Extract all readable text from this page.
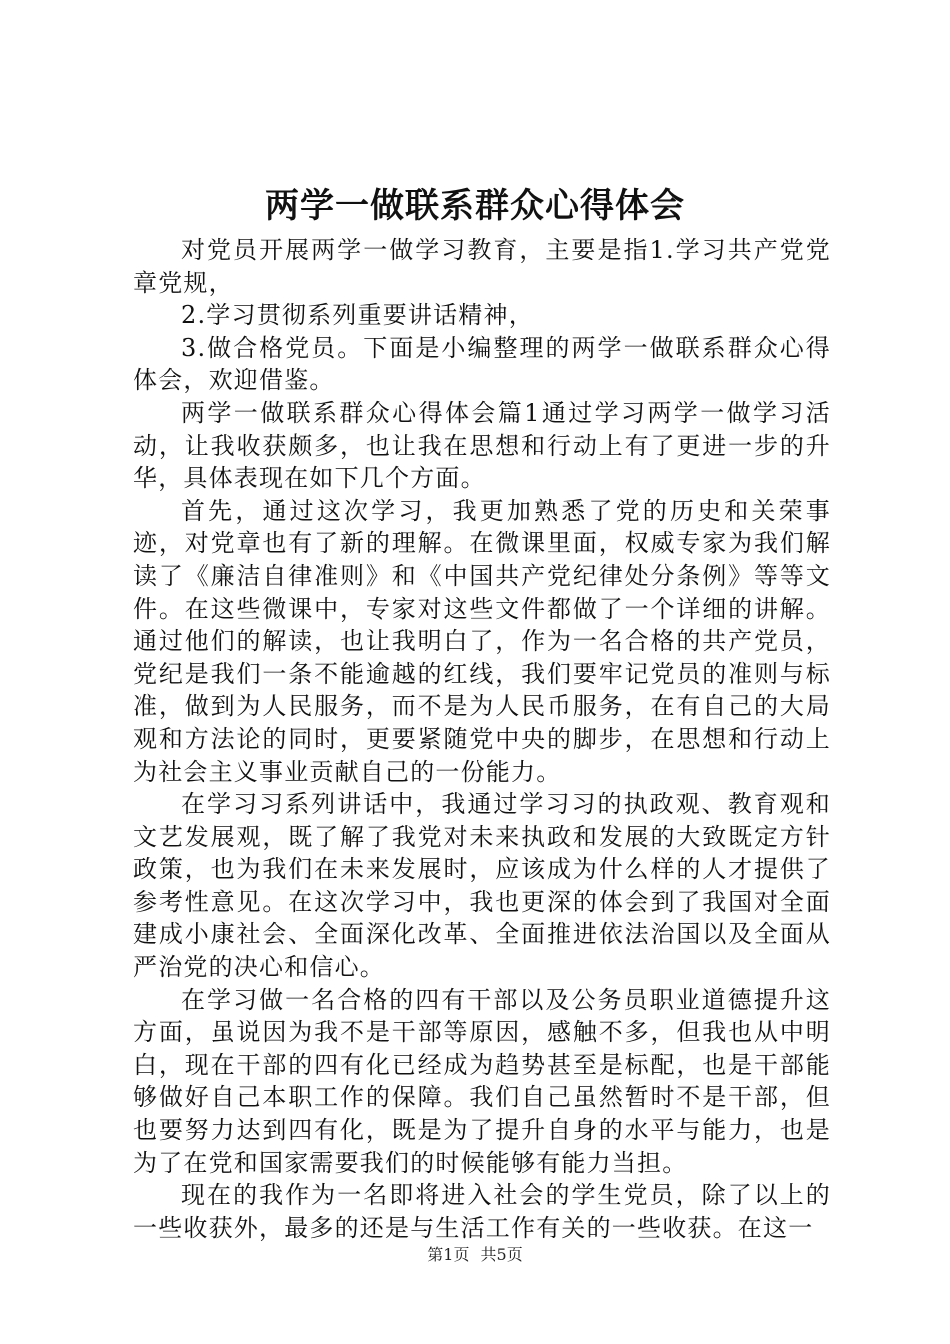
两学一做联系群众心得体会

对党员开展两学一做学习教育，主要是指1.学习共产党党章党规，

2.学习贯彻系列重要讲话精神，

3.做合格党员。下面是小编整理的两学一做联系群众心得体会，欢迎借鉴。

两学一做联系群众心得体会篇1通过学习两学一做学习活动，让我收获颇多，也让我在思想和行动上有了更进一步的升华，具体表现在如下几个方面。

首先，通过这次学习，我更加熟悉了党的历史和关荣事迹，对党章也有了新的理解。在微课里面，权威专家为我们解读了《廉洁自律准则》和《中国共产党纪律处分条例》等等文件。在这些微课中，专家对这些文件都做了一个详细的讲解。通过他们的解读，也让我明白了，作为一名合格的共产党员，党纪是我们一条不能逾越的红线，我们要牢记党员的准则与标准，做到为人民服务，而不是为人民币服务，在有自己的大局观和方法论的同时，更要紧随党中央的脚步，在思想和行动上为社会主义事业贡献自己的一份能力。

在学习习系列讲话中，我通过学习习的执政观、教育观和文艺发展观，既了解了我党对未来执政和发展的大致既定方针政策，也为我们在未来发展时，应该成为什么样的人才提供了参考性意见。在这次学习中，我也更深的体会到了我国对全面建成小康社会、全面深化改革、全面推进依法治国以及全面从严治党的决心和信心。

在学习做一名合格的四有干部以及公务员职业道德提升这方面，虽说因为我不是干部等原因，感触不多，但我也从中明白，现在干部的四有化已经成为趋势甚至是标配，也是干部能够做好自己本职工作的保障。我们自己虽然暂时不是干部，但也要努力达到四有化，既是为了提升自身的水平与能力，也是为了在党和国家需要我们的时候能够有能力当担。

现在的我作为一名即将进入社会的学生党员，除了以上的一些收获外，最多的还是与生活工作有关的一些收获。在这一

第1页 共5页
